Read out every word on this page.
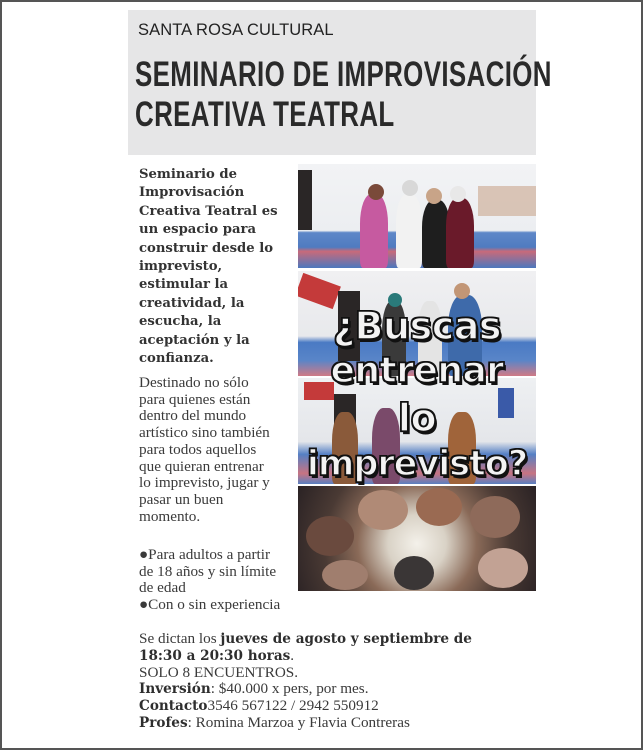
SANTA ROSA CULTURAL
SEMINARIO DE IMPROVISACIÓN
CREATIVA TEATRAL
Seminario de
Improvisación
Creativa Teatral es
un espacio para
construir desde lo
imprevisto,
estimular la
creatividad, la
escucha, la
aceptación y la
confianza.
Destinado no sólo
para quienes están
dentro del mundo
artístico sino también
para todos aquellos
que quieran entrenar
lo imprevisto, jugar y
pasar un buen
momento.
●Para adultos a partir
de 18 años y sin límite
de edad
●Con o sin experiencia
¿Buscas
entrenar
lo
imprevisto?
Se dictan los jueves de agosto y septiembre de
18:30 a 20:30 horas.
SOLO 8 ENCUENTROS.
Inversión: $40.000 x pers, por mes.
Contacto3546 567122 / 2942 550912
Profes: Romina Marzoa y Flavia Contreras
